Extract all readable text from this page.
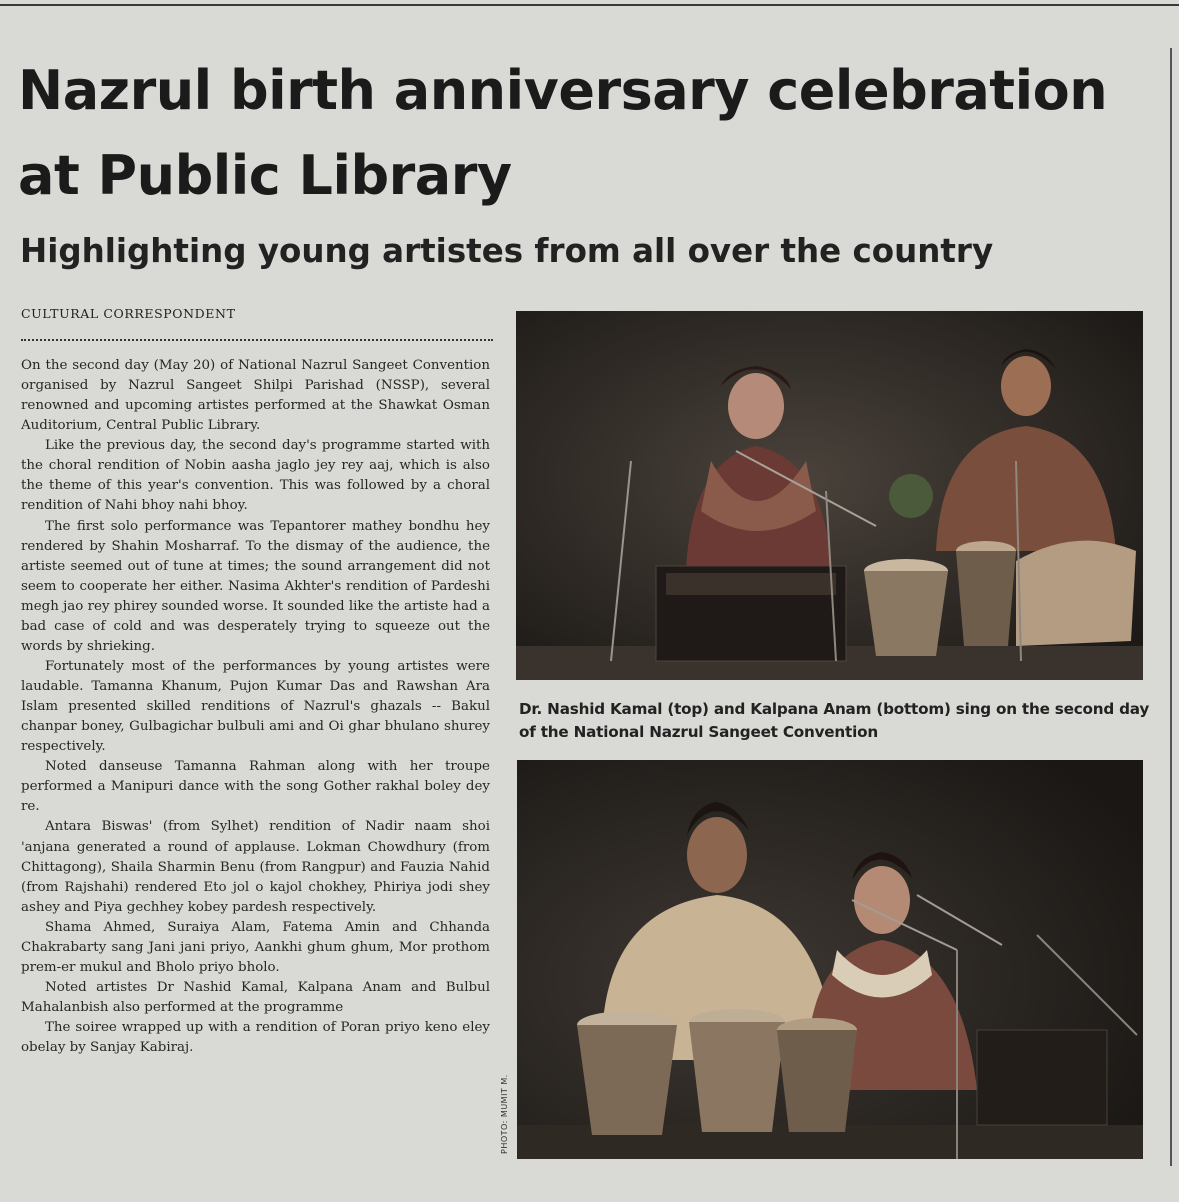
Nazrul birth anniversary celebration at Public Library
Highlighting young artistes from all over the country
CULTURAL CORRESPONDENT

On the second day (May 20) of National Nazrul Sangeet Convention organised by Nazrul Sangeet Shilpi Parishad (NSSP), several renowned and upcoming artistes performed at the Shawkat Osman Auditorium, Central Public Library.

Like the previous day, the second day's programme started with the choral rendition of Nobin aasha jaglo jey rey aaj, which is also the theme of this year's convention. This was followed by a choral rendition of Nahi bhoy nahi bhoy.

The first solo performance was Tepantorer mathey bondhu hey rendered by Shahin Mosharraf. To the dismay of the audience, the artiste seemed out of tune at times; the sound arrangement did not seem to cooperate her either. Nasima Akhter's rendition of Pardeshi megh jao rey phirey sounded worse. It sounded like the artiste had a bad case of cold and was desperately trying to squeeze out the words by shrieking.

Fortunately most of the performances by young artistes were laudable. Tamanna Khanum, Pujon Kumar Das and Rawshan Ara Islam presented skilled renditions of Nazrul's ghazals -- Bakul chanpar boney, Gulbagichar bulbuli ami and Oi ghar bhulano shurey respectively.

Noted danseuse Tamanna Rahman along with her troupe performed a Manipuri dance with the song Gother rakhal boley dey re.

Antara Biswas' (from Sylhet) rendition of Nadir naam shoi 'anjana generated a round of applause. Lokman Chowdhury (from Chittagong), Shaila Sharmin Benu (from Rangpur) and Fauzia Nahid (from Rajshahi) rendered Eto jol o kajol chokhey, Phiriya jodi shey ashey and Piya gechhey kobey pardesh respectively.

Shama Ahmed, Suraiya Alam, Fatema Amin and Chhanda Chakrabarty sang Jani jani priyo, Aankhi ghum ghum, Mor prothom prem-er mukul and Bholo priyo bholo.

Noted artistes Dr Nashid Kamal, Kalpana Anam and Bulbul Mahalanbish also performed at the programme

The soiree wrapped up with a rendition of Poran priyo keno eley obelay by Sanjay Kabiraj.

Dr. Nashid Kamal (top) and Kalpana Anam (bottom) sing on the second day of the National Nazrul Sangeet Convention

PHOTO: MUMIT M.
